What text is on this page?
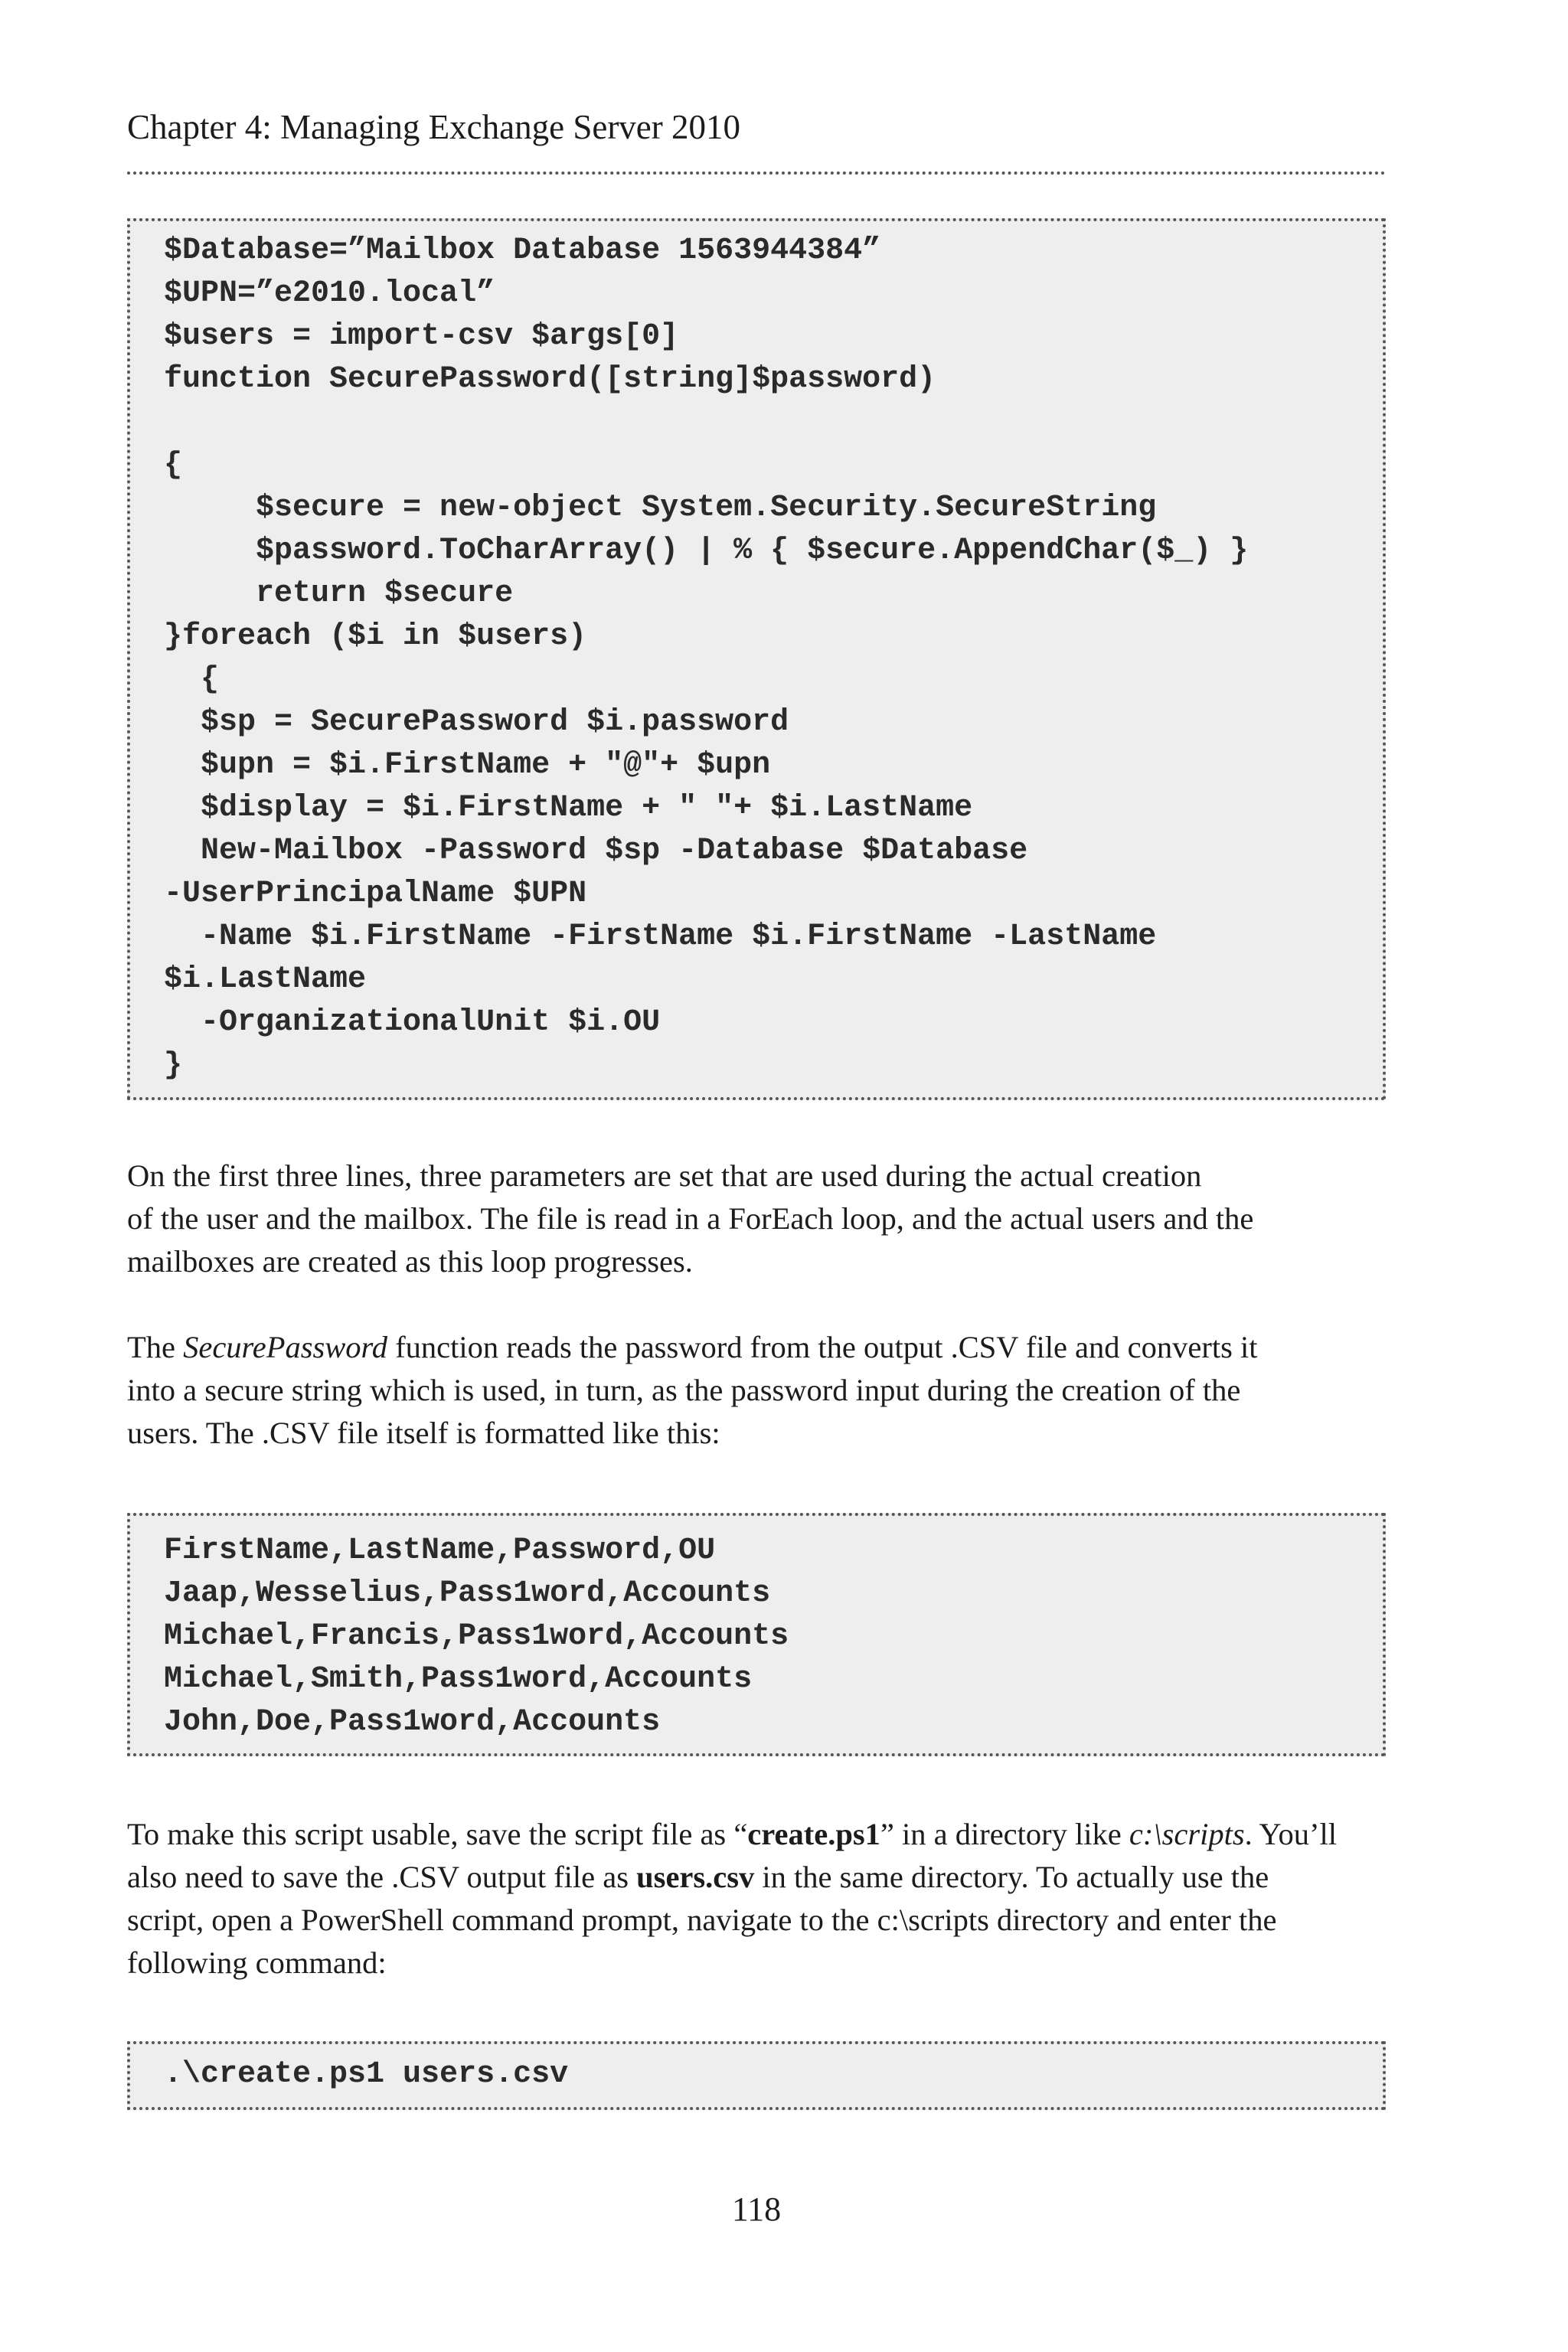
Chapter 4: Managing Exchange Server 2010
$Database=”Mailbox Database 1563944384”
$UPN=”e2010.local”
$users = import-csv $args[0]
function SecurePassword([string]$password)
{
$secure = new-object System.Security.SecureString
$password.ToCharArray() | % { $secure.AppendChar($_) }
return $secure
}foreach ($i in $users)
{
$sp = SecurePassword $i.password
$upn = $i.FirstName + "@"+ $upn
$display = $i.FirstName + " "+ $i.LastName
New-Mailbox -Password $sp -Database $Database
-UserPrincipalName $UPN
-Name $i.FirstName -FirstName $i.FirstName -LastName
$i.LastName
-OrganizationalUnit $i.OU
}

On the first three lines, three parameters are set that are used during the actual creation
of the user and the mailbox. The file is read in a ForEach loop, and the actual users and the
mailboxes are created as this loop progresses.

The SecurePassword function reads the password from the output .CSV file and converts it
into a secure string which is used, in turn, as the password input during the creation of the
users. The .CSV file itself is formatted like this:

FirstName,LastName,Password,OU
Jaap,Wesselius,Pass1word,Accounts
Michael,Francis,Pass1word,Accounts
Michael,Smith,Pass1word,Accounts
John,Doe,Pass1word,Accounts

To make this script usable, save the script file as “create.ps1” in a directory like c:\scripts. You’ll
also need to save the .CSV output file as users.csv in the same directory. To actually use the
script, open a PowerShell command prompt, navigate to the c:\scripts directory and enter the
following command:

.\create.ps1 users.csv
118
